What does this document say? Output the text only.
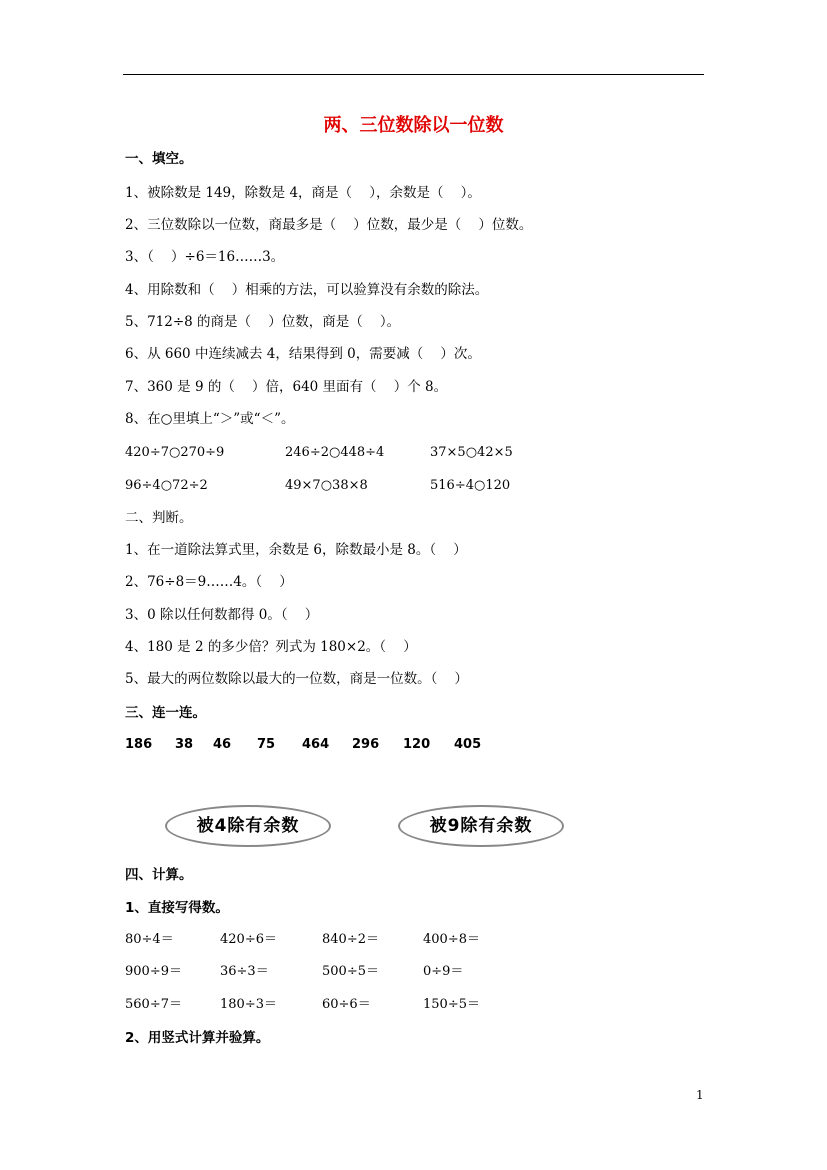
两、三位数除以一位数
一、填空。
1、被除数是 149，除数是 4，商是（    ），余数是（    ）。
2、三位数除以一位数，商最多是（    ）位数，最少是（    ）位数。
3、（    ）÷6＝16……3。
4、用除数和（    ）相乘的方法，可以验算没有余数的除法。
5、712÷8 的商是（    ）位数，商是（    ）。
6、从 660 中连续减去 4，结果得到 0，需要减（    ）次。
7、360 是 9 的（    ）倍，640 里面有（    ）个 8。
8、在○里填上“＞”或“＜”。
420÷7○270÷9	246÷2○448÷4	37×5○42×5
96÷4○72÷2	49×7○38×8	516÷4○120
二、判断。
1、在一道除法算式里，余数是 6，除数最小是 8。（    ）
2、76÷8＝9……4。（    ）
3、0 除以任何数都得 0。（    ）
4、180 是 2 的多少倍？列式为 180×2。（    ）
5、最大的两位数除以最大的一位数，商是一位数。（    ）
三、连一连。
186 38 46 75 464 296 120 405
被4除有余数	被9除有余数
四、计算。
1、直接写得数。
80÷4＝	420÷6＝	840÷2＝	400÷8＝
900÷9＝	36÷3＝	500÷5＝	0÷9＝
560÷7＝	180÷3＝	60÷6＝	150÷5＝
2、用竖式计算并验算。
1
